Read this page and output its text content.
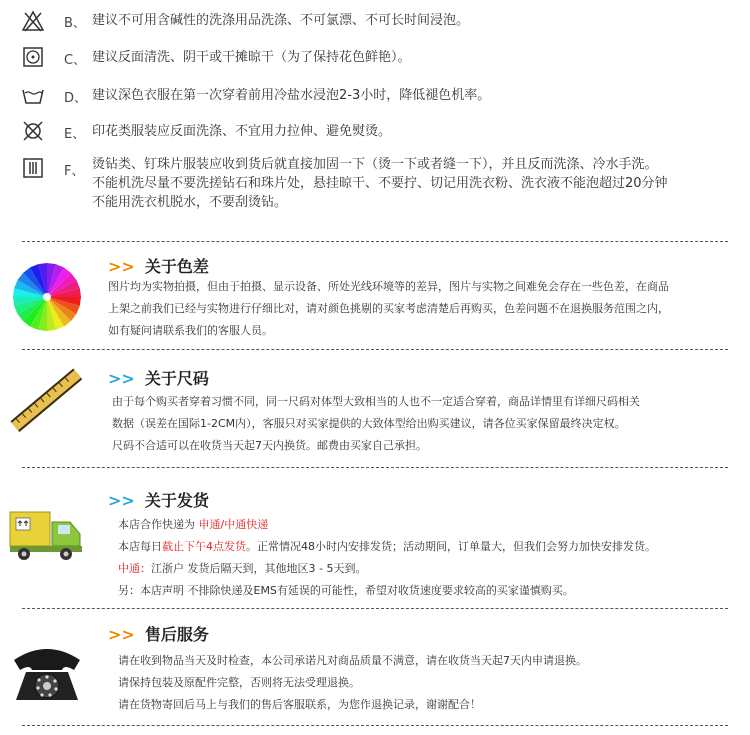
B、 建议不可用含碱性的洗涤用品洗涤、不可氯漂、不可长时间浸泡。
C、 建议反面清洗、阴干或干摊晾干（为了保持花色鲜艳）。
D、 建议深色衣服在第一次穿着前用冷盐水浸泡2-3小时，降低褪色机率。
E、 印花类服装应反面洗涤、不宜用力拉伸、避免熨烫。
F、 烫钻类、钉珠片服装应收到货后就直接加固一下（烫一下或者缝一下），并且反而洗涤、冷水手洗。
不能机洗尽量不要洗搓钻石和珠片处，悬挂晾干、不要拧、切记用洗衣粉、洗衣液不能泡超过20分钟
不能用洗衣机脱水，不要刮烫钻。
>> 关于色差
图片均为实物拍摄，但由于拍摄、显示设备、所处光线环境等的差异，图片与实物之间难免会存在一些色差，在商品
上架之前我们已经与实物进行仔细比对，请对颜色挑剔的买家考虑清楚后再购买，色差问题不在退换服务范围之内，
如有疑问请联系我们的客服人员。
>> 关于尺码
由于每个购买者穿着习惯不同，同一尺码对体型大致相当的人也不一定适合穿着，商品详情里有详细尺码相关
数据（误差在国际1-2CM内），客服只对买家提供的大致体型给出购买建议，请各位买家保留最终决定权。
尺码不合适可以在收货当天起7天内换货。邮费由买家自己承担。
>> 关于发货
本店合作快递为 申通/中通快递
本店每日截止下午4点发货。正常情况48小时内安排发货；活动期间，订单量大，但我们会努力加快安排发货。
中通：江浙户 发货后隔天到，其他地区3 - 5天到。
另：本店声明 不排除快递及EMS有延误的可能性，希望对收货速度要求较高的买家谨慎购买。
>> 售后服务
请在收到物品当天及时检查，本公司承诺凡对商品质量不满意，请在收货当天起7天内申请退换。
请保持包装及原配件完整，否则将无法受理退换。
请在货物寄回后马上与我们的售后客服联系，为您作退换记录，谢谢配合！
